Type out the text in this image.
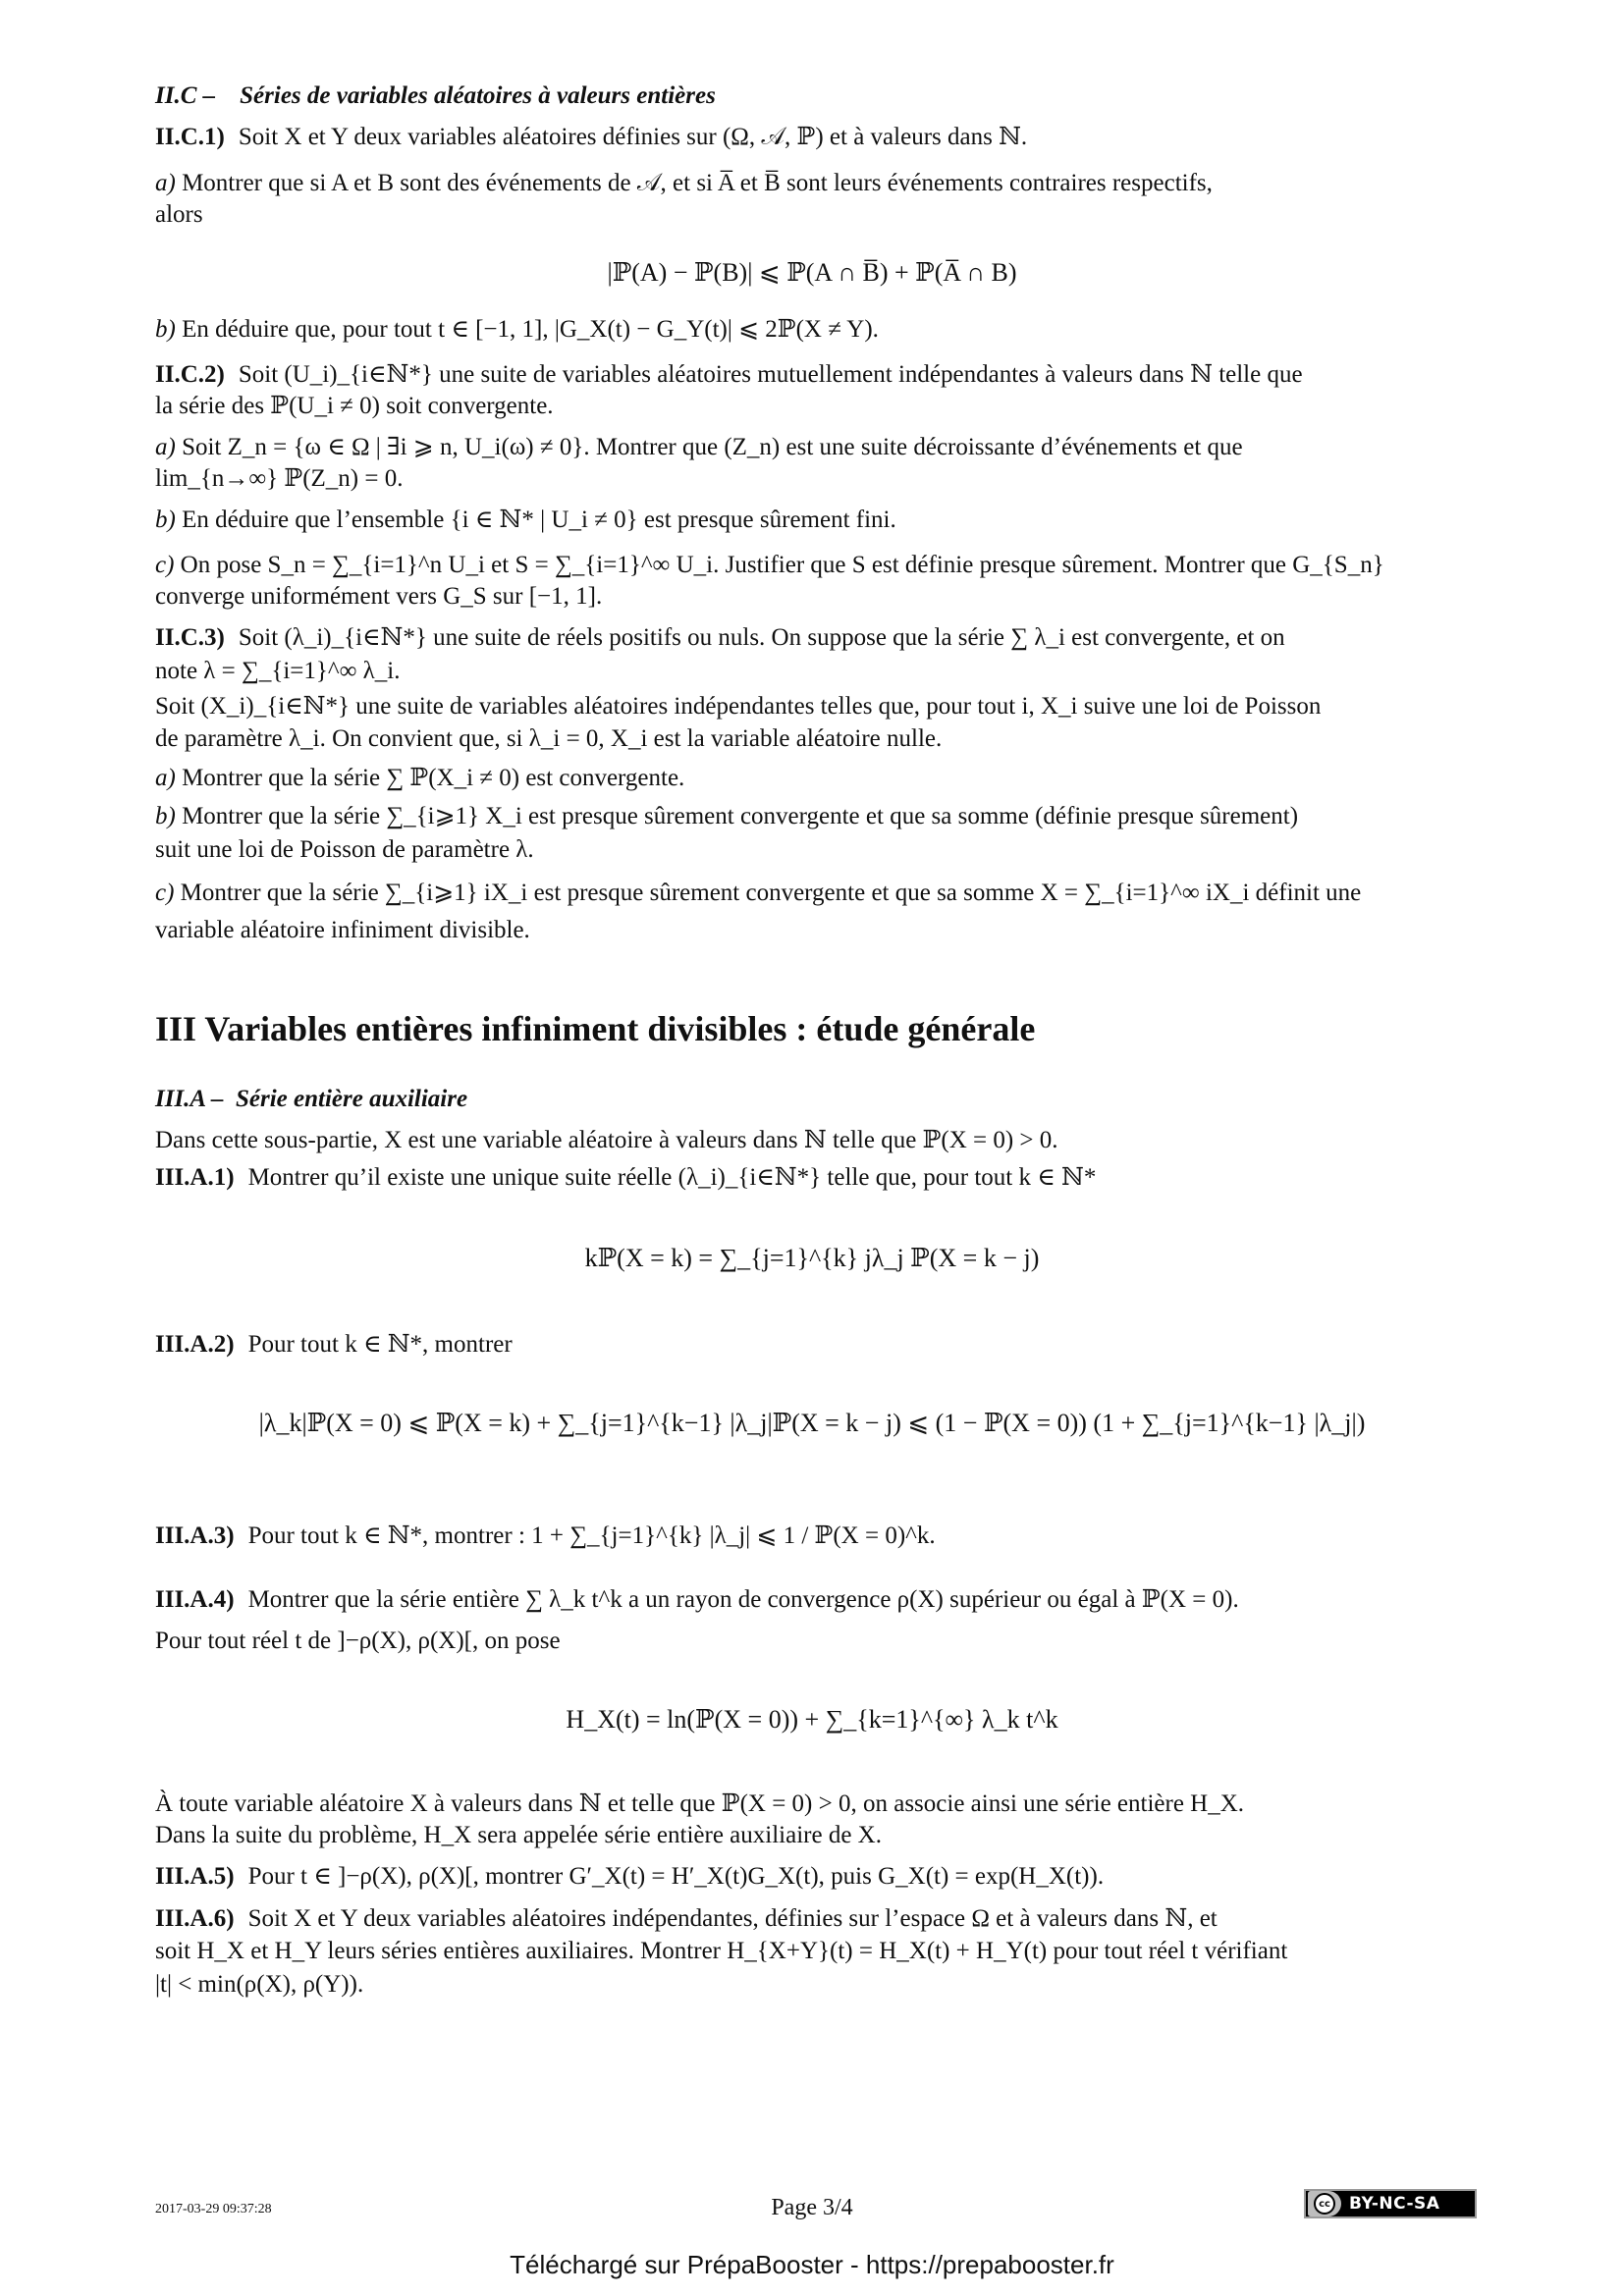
II.C – Séries de variables aléatoires à valeurs entières
II.C.1) Soit X et Y deux variables aléatoires définies sur (Ω, 𝒜, ℙ) et à valeurs dans ℕ.
a) Montrer que si A et B sont des événements de 𝒜, et si A̅ et B̅ sont leurs événements contraires respectifs,
alors
|ℙ(A) − ℙ(B)| ⩽ ℙ(A ∩ B̅) + ℙ(A̅ ∩ B)
b) En déduire que, pour tout t ∈ [−1, 1], |G_X(t) − G_Y(t)| ⩽ 2ℙ(X ≠ Y).
II.C.2) Soit (U_i)_{i∈ℕ*} une suite de variables aléatoires mutuellement indépendantes à valeurs dans ℕ telle que
la série des ℙ(U_i ≠ 0) soit convergente.
a) Soit Z_n = {ω ∈ Ω | ∃i ⩾ n, U_i(ω) ≠ 0}. Montrer que (Z_n) est une suite décroissante d’événements et que
lim_{n→∞} ℙ(Z_n) = 0.
b) En déduire que l’ensemble {i ∈ ℕ* | U_i ≠ 0} est presque sûrement fini.
c) On pose S_n = ∑_{i=1}^n U_i et S = ∑_{i=1}^∞ U_i. Justifier que S est définie presque sûrement. Montrer que G_{S_n}
converge uniformément vers G_S sur [−1, 1].
II.C.3) Soit (λ_i)_{i∈ℕ*} une suite de réels positifs ou nuls. On suppose que la série ∑ λ_i est convergente, et on
note λ = ∑_{i=1}^∞ λ_i.
Soit (X_i)_{i∈ℕ*} une suite de variables aléatoires indépendantes telles que, pour tout i, X_i suive une loi de Poisson
de paramètre λ_i. On convient que, si λ_i = 0, X_i est la variable aléatoire nulle.
a) Montrer que la série ∑ ℙ(X_i ≠ 0) est convergente.
b) Montrer que la série ∑_{i⩾1} X_i est presque sûrement convergente et que sa somme (définie presque sûrement)
suit une loi de Poisson de paramètre λ.
c) Montrer que la série ∑_{i⩾1} iX_i est presque sûrement convergente et que sa somme X = ∑_{i=1}^∞ iX_i définit une
variable aléatoire infiniment divisible.
III Variables entières infiniment divisibles : étude générale
III.A – Série entière auxiliaire
Dans cette sous-partie, X est une variable aléatoire à valeurs dans ℕ telle que ℙ(X = 0) > 0.
III.A.1) Montrer qu’il existe une unique suite réelle (λ_i)_{i∈ℕ*} telle que, pour tout k ∈ ℕ*
kℙ(X = k) = ∑_{j=1}^{k} jλ_j ℙ(X = k − j)
III.A.2) Pour tout k ∈ ℕ*, montrer
|λ_k|ℙ(X = 0) ⩽ ℙ(X = k) + ∑_{j=1}^{k−1} |λ_j|ℙ(X = k − j) ⩽ (1 − ℙ(X = 0)) (1 + ∑_{j=1}^{k−1} |λ_j|)
III.A.3) Pour tout k ∈ ℕ*, montrer : 1 + ∑_{j=1}^{k} |λ_j| ⩽ 1 / ℙ(X = 0)^k.
III.A.4) Montrer que la série entière ∑ λ_k t^k a un rayon de convergence ρ(X) supérieur ou égal à ℙ(X = 0).
Pour tout réel t de ]−ρ(X), ρ(X)[, on pose
H_X(t) = ln(ℙ(X = 0)) + ∑_{k=1}^{∞} λ_k t^k
À toute variable aléatoire X à valeurs dans ℕ et telle que ℙ(X = 0) > 0, on associe ainsi une série entière H_X.
Dans la suite du problème, H_X sera appelée série entière auxiliaire de X.
III.A.5) Pour t ∈ ]−ρ(X), ρ(X)[, montrer G′_X(t) = H′_X(t)G_X(t), puis G_X(t) = exp(H_X(t)).
III.A.6) Soit X et Y deux variables aléatoires indépendantes, définies sur l’espace Ω et à valeurs dans ℕ, et
soit H_X et H_Y leurs séries entières auxiliaires. Montrer H_{X+Y}(t) = H_X(t) + H_Y(t) pour tout réel t vérifiant
|t| < min(ρ(X), ρ(Y)).
2017-03-29 09:37:28	Page 3/4	cc BY-NC-SA
Téléchargé sur PrépaBooster - https://prepabooster.fr
